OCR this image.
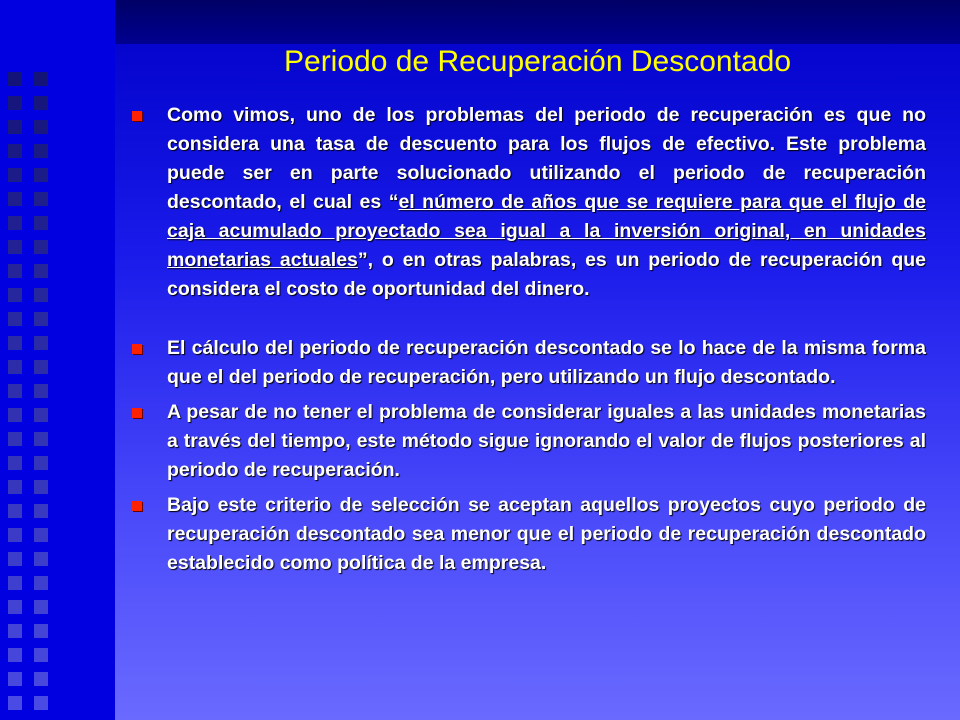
Periodo de Recuperación Descontado
Como vimos, uno de los problemas del periodo de recuperación es que no considera una tasa de descuento para los flujos de efectivo. Este problema puede ser en parte solucionado utilizando el periodo de recuperación descontado, el cual es “el número de años que se requiere para que el flujo de caja acumulado proyectado sea igual a la inversión original, en unidades monetarias actuales”, o en otras palabras, es un periodo de recuperación que considera el costo de oportunidad del dinero.
El cálculo del periodo de recuperación descontado se lo hace de la misma forma que el del periodo de recuperación, pero utilizando un flujo descontado.
A pesar de no tener el problema de considerar iguales a las unidades monetarias a través del tiempo, este método sigue ignorando el valor de flujos posteriores al periodo de recuperación.
Bajo este criterio de selección se aceptan aquellos proyectos cuyo periodo de recuperación descontado sea menor que el periodo de recuperación descontado establecido como política de la empresa.
